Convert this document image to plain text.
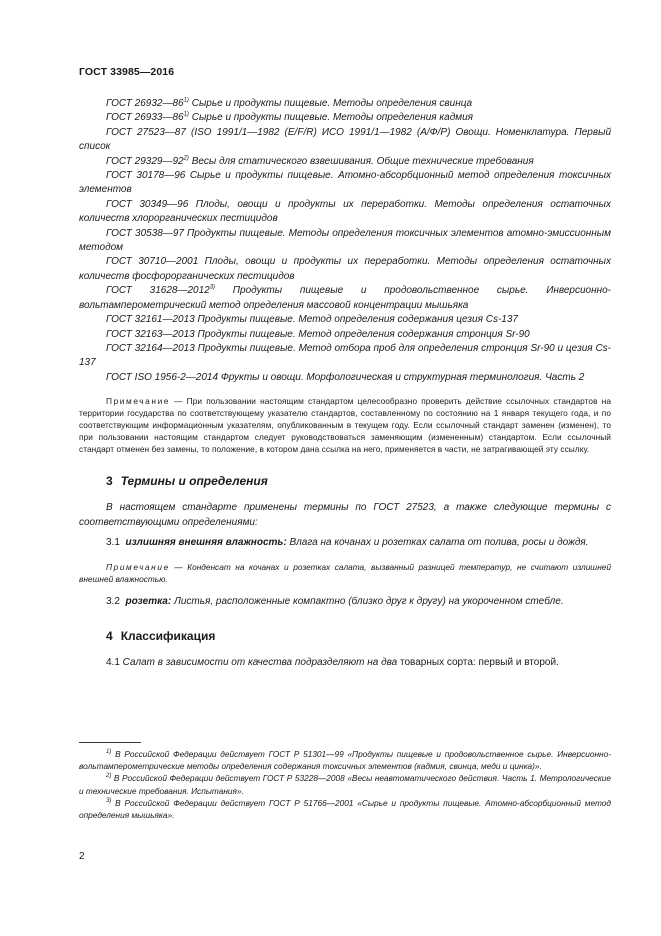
ГОСТ 33985—2016

ГОСТ 26932—86$^{1)}$ Сырье и продукты пищевые. Методы определения свинца

ГОСТ 26933—86$^{1)}$ Сырье и продукты пищевые. Методы определения кадмия

ГОСТ 27523—87 (ISO 1991/1—1982 (E/F/R) ИСО 1991/1—1982 (А/Ф/Р) Овощи. Номенклатура. Первый список

ГОСТ 29329—92$^{2)}$ Весы для статического взвешивания. Общие технические требования

ГОСТ 30178—96 Сырье и продукты пищевые. Атомно-абсорбционный метод определения токсичных элементов

ГОСТ 30349—96 Плоды, овощи и продукты их переработки. Методы определения остаточных количеств хлорорганических пестицидов

ГОСТ 30538—97 Продукты пищевые. Методы определения токсичных элементов атомно-эмиссионным методом

ГОСТ 30710—2001 Плоды, овощи и продукты их переработки. Методы определения остаточных количеств фосфорорганических пестицидов

ГОСТ 31628—2012$^{3)}$ Продукты пищевые и продовольственное сырье. Инверсионно-вольтамперометрический метод определения массовой концентрации мышьяка

ГОСТ 32161—2013 Продукты пищевые. Метод определения содержания цезия Cs-137

ГОСТ 32163—2013 Продукты пищевые. Метод определения содержания стронция Sr-90

ГОСТ 32164—2013 Продукты пищевые. Метод отбора проб для определения стронция Sr-90 и цезия Cs-137

ГОСТ ISO 1956-2—2014 Фрукты и овощи. Морфологическая и структурная терминология. Часть 2

Примечание — При пользовании настоящим стандартом целесообразно проверить действие ссылочных стандартов на территории государства по соответствующему указателю стандартов, составленному по состоянию на 1 января текущего года, и по соответствующим информационным указателям, опубликованным в текущем году. Если ссылочный стандарт заменен (изменен), то при пользовании настоящим стандартом следует руководствоваться заменяющим (измененным) стандартом. Если ссылочный стандарт отменен без замены, то положение, в котором дана ссылка на него, применяется в части, не затрагивающей эту ссылку.

3 Термины и определения

В настоящем стандарте применены термины по ГОСТ 27523, а также следующие термины с соответствующими определениями:

3.1 излишняя внешняя влажность: Влага на кочанах и розетках салата от полива, росы и дождя.

Примечание — Конденсат на кочанах и розетках салата, вызванный разницей температур, не считают излишней внешней влажностью.

3.2 розетка: Листья, расположенные компактно (близко друг к другу) на укороченном стебле.

4 Классификация

4.1 Салат в зависимости от качества подразделяют на два товарных сорта: первый и второй.

$^{1)}$ В Российской Федерации действует ГОСТ Р 51301—99 «Продукты пищевые и продовольственное сырье. Инверсионно-вольтамперометрические методы определения содержания токсичных элементов (кадмия, свинца, меди и цинка)».

$^{2)}$ В Российской Федерации действует ГОСТ Р 53228—2008 «Весы неавтоматического действия. Часть 1. Метрологические и технические требования. Испытания».

$^{3)}$ В Российской Федерации действует ГОСТ Р 51766—2001 «Сырье и продукты пищевые. Атомно-абсорбционный метод определения мышьяка».

2
